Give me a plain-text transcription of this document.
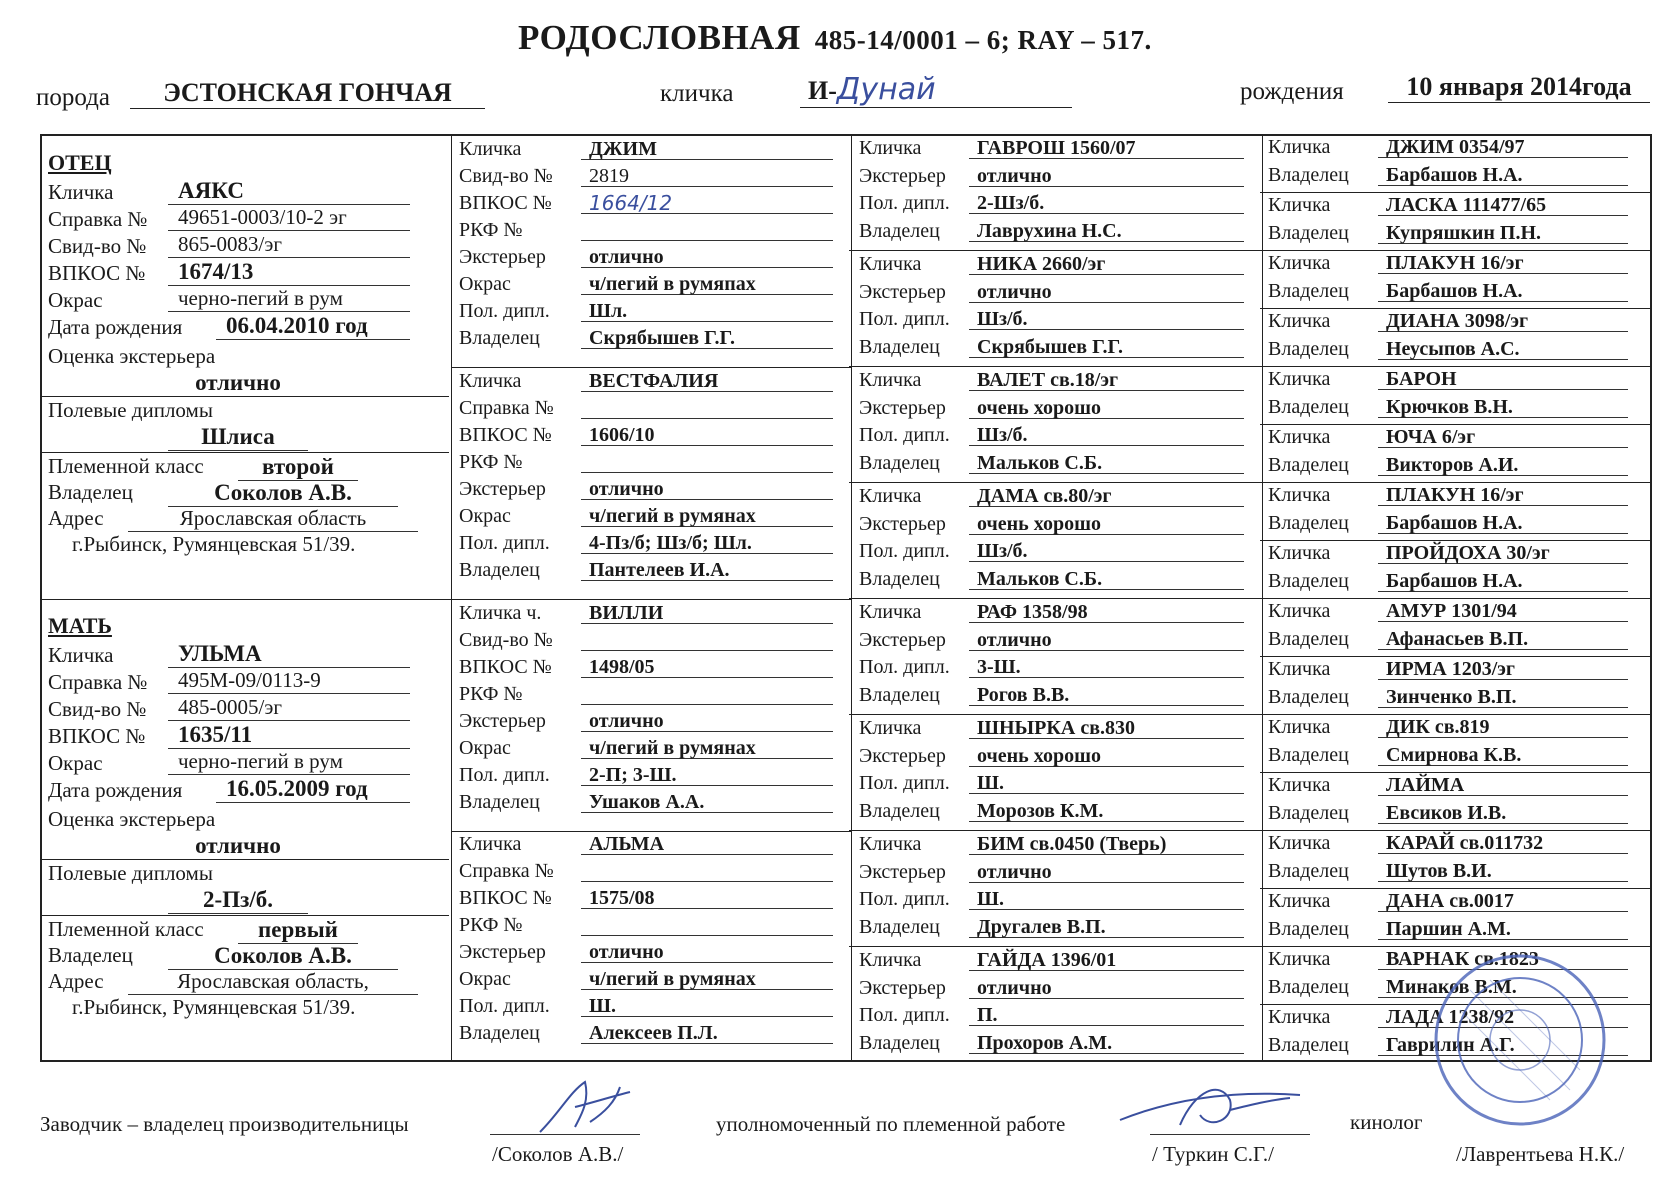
РОДОСЛОВНАЯ 485-14/0001 – 6; RAY – 517.
порода	ЭСТОНСКАЯ ГОНЧАЯ	кличка	И-Дунай	рождения	10 января 2014года
ОТЕЦ
Кличка	АЯКС
Справка №	49651-0003/10-2 эг
Свид-во №	865-0083/эг
ВПКОС №	1674/13
Окрас	черно-пегий в рум
Дата рождения	06.04.2010 год
Оценка экстерьера
отлично
Полевые дипломы
Шлиса
Племенной класс	второй
Владелец	Соколов А.В.
Адрес	Ярославская область
г.Рыбинск, Румянцевская 51/39.
МАТЬ
Кличка	УЛЬМА
Справка №	495М-09/0113-9
Свид-во №	485-0005/эг
ВПКОС №	1635/11
Окрас	черно-пегий в рум
Дата рождения	16.05.2009 год
Оценка экстерьера
отлично
Полевые дипломы
2-Пз/б.
Племенной класс	первый
Владелец	Соколов А.В.
Адрес	Ярославская область,
г.Рыбинск, Румянцевская 51/39.
Кличка	ДЖИМ
Свид-во №	2819
ВПКОС №	1664/12
РКФ №
Экстерьер	отлично
Окрас	ч/пегий в румяпах
Пол. дипл.	Шл.
Владелец	Скрябышев Г.Г.
Кличка	ВЕСТФАЛИЯ
Справка №
ВПКОС №	1606/10
РКФ №
Экстерьер	отлично
Окрас	ч/пегий в румянах
Пол. дипл.	4-Пз/б; Шз/б; Шл.
Владелец	Пантелеев И.А.
Кличка ч.	ВИЛЛИ
Свид-во №
ВПКОС №	1498/05
РКФ №
Экстерьер	отлично
Окрас	ч/пегий в румянах
Пол. дипл.	2-П; 3-Ш.
Владелец	Ушаков А.А.
Кличка	АЛЬМА
Справка №
ВПКОС №	1575/08
РКФ №
Экстерьер	отлично
Окрас	ч/пегий в румянах
Пол. дипл.	Ш.
Владелец	Алексеев П.Л.
Кличка	ГАВРОШ 1560/07
Экстерьер	отлично
Пол. дипл.	2-Шз/б.
Владелец	Лаврухина Н.С.
Кличка	НИКА 2660/эг
Экстерьер	отлично
Пол. дипл.	Шз/б.
Владелец	Скрябышев Г.Г.
Кличка	ВАЛЕТ св.18/эг
Экстерьер	очень хорошо
Пол. дипл.	Шз/б.
Владелец	Мальков С.Б.
Кличка	ДАМА св.80/эг
Экстерьер	очень хорошо
Пол. дипл.	Шз/б.
Владелец	Мальков С.Б.
Кличка	РАФ 1358/98
Экстерьер	отлично
Пол. дипл.	3-Ш.
Владелец	Рогов В.В.
Кличка	ШНЫРКА св.830
Экстерьер	очень хорошо
Пол. дипл.	Ш.
Владелец	Морозов К.М.
Кличка	БИМ св.0450 (Тверь)
Экстерьер	отлично
Пол. дипл.	Ш.
Владелец	Другалев В.П.
Кличка	ГАЙДА 1396/01
Экстерьер	отлично
Пол. дипл.	П.
Владелец	Прохоров А.М.
Кличка	ДЖИМ 0354/97
Владелец	Барбашов Н.А.
Кличка	ЛАСКА 111477/65
Владелец	Купряшкин П.Н.
Кличка	ПЛАКУН 16/эг
Владелец	Барбашов Н.А.
Кличка	ДИАНА 3098/эг
Владелец	Неусыпов А.С.
Кличка	БАРОН
Владелец	Крючков В.Н.
Кличка	ЮЧА 6/эг
Владелец	Викторов А.И.
Кличка	ПЛАКУН 16/эг
Владелец	Барбашов Н.А.
Кличка	ПРОЙДОХА 30/эг
Владелец	Барбашов Н.А.
Кличка	АМУР 1301/94
Владелец	Афанасьев В.П.
Кличка	ИРМА 1203/эг
Владелец	Зинченко В.П.
Кличка	ДИК св.819
Владелец	Смирнова К.В.
Кличка	ЛАЙМА
Владелец	Евсиков И.В.
Кличка	КАРАЙ св.011732
Владелец	Шутов В.И.
Кличка	ДАНА св.0017
Владелец	Паршин А.М.
Кличка	ВАРНАК св.1823
Владелец	Минаков В.М.
Кличка	ЛАДА 1238/92
Владелец	Гаврилин А.Г.
Заводчик – владелец производительницы
/Соколов А.В./
уполномоченный по племенной работе
/ Туркин С.Г./
кинолог
/Лаврентьева Н.К./
